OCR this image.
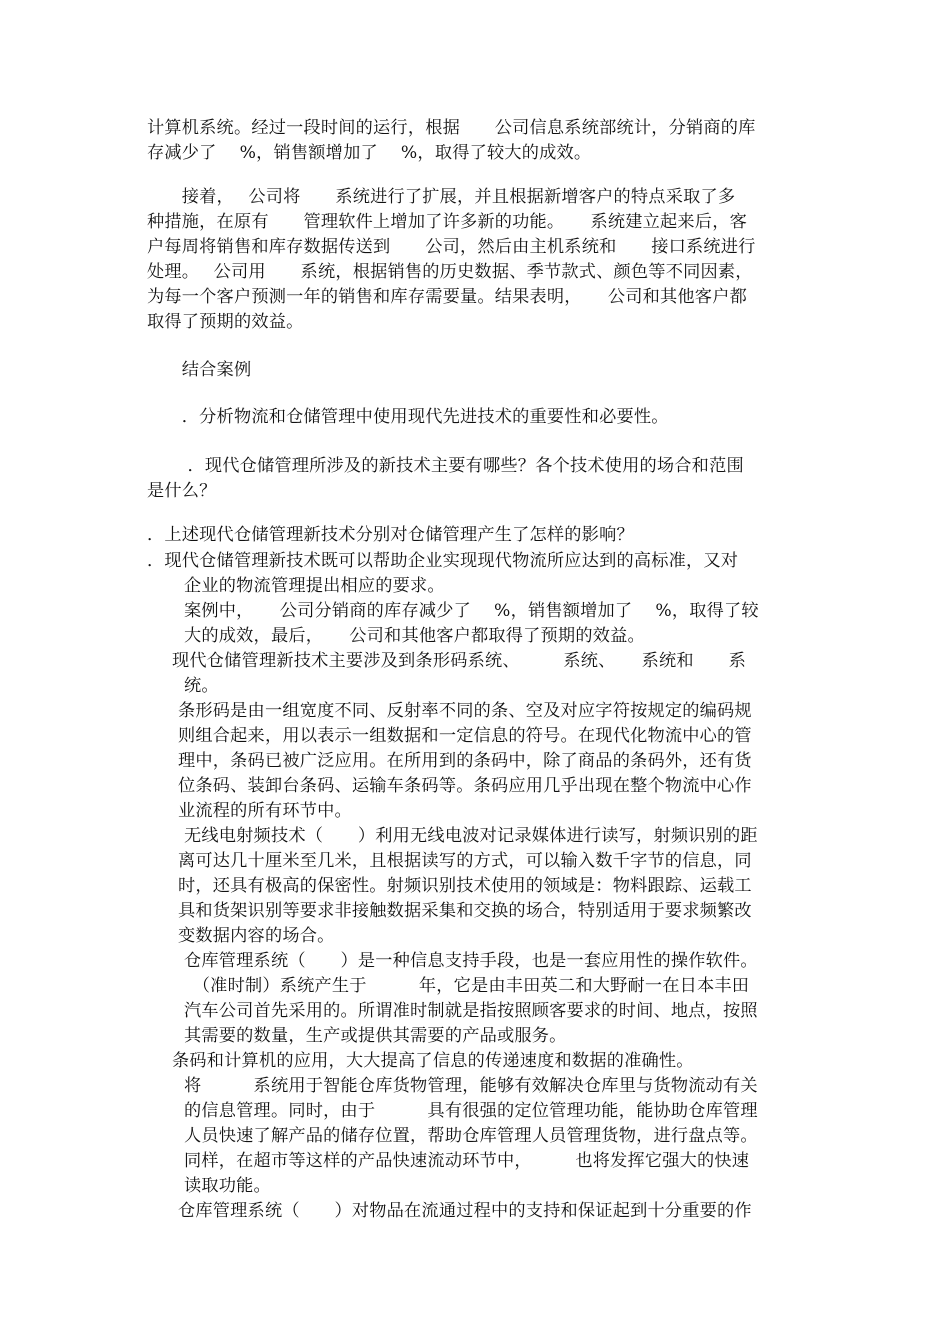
计算机系统。经过一段时间的运行，根据　　公司信息系统部统计，分销商的库
存减少了　 %，销售额增加了　 %，取得了较大的成效。
　　接着，　 公司将　　系统进行了扩展，并且根据新增客户的特点采取了多
种措施，在原有　　管理软件上增加了许多新的功能。　　系统建立起来后，客
户每周将销售和库存数据传送到　　公司，然后由主机系统和　　接口系统进行
处理。　 公司用　　系统，根据销售的历史数据、季节款式、颜色等不同因素，
为每一个客户预测一年的销售和库存需要量。结果表明，　　公司和其他客户都
取得了预期的效益。
　　结合案例
　　．分析物流和仓储管理中使用现代先进技术的重要性和必要性。
　　 ．现代仓储管理所涉及的新技术主要有哪些？各个技术使用的场合和范围
是什么？
．上述现代仓储管理新技术分别对仓储管理产生了怎样的影响？
．现代仓储管理新技术既可以帮助企业实现现代物流所应达到的高标准，又对
企业的物流管理提出相应的要求。
案例中，　　公司分销商的库存减少了　 %，销售额增加了　 %，取得了较
大的成效，最后，　　公司和其他客户都取得了预期的效益。
现代仓储管理新技术主要涉及到条形码系统、　　　系统、　　系统和　　系
统。
条形码是由一组宽度不同、反射率不同的条、空及对应字符按规定的编码规
则组合起来，用以表示一组数据和一定信息的符号。在现代化物流中心的管
理中，条码已被广泛应用。在所用到的条码中，除了商品的条码外，还有货
位条码、装卸台条码、运输车条码等。条码应用几乎出现在整个物流中心作
业流程的所有环节中。
无线电射频技术（　　）利用无线电波对记录媒体进行读写，射频识别的距
离可达几十厘米至几米，且根据读写的方式，可以输入数千字节的信息，同
时，还具有极高的保密性。射频识别技术使用的领域是：物料跟踪、运载工
具和货架识别等要求非接触数据采集和交换的场合，特别适用于要求频繁改
变数据内容的场合。
仓库管理系统（　　）是一种信息支持手段，也是一套应用性的操作软件。
　（准时制）系统产生于　　　年，它是由丰田英二和大野耐一在日本丰田
汽车公司首先采用的。所谓准时制就是指按照顾客要求的时间、地点，按照
其需要的数量，生产或提供其需要的产品或服务。
条码和计算机的应用，大大提高了信息的传递速度和数据的准确性。
将　　　系统用于智能仓库货物管理，能够有效解决仓库里与货物流动有关
的信息管理。同时，由于　　　具有很强的定位管理功能，能协助仓库管理
人员快速了解产品的储存位置，帮助仓库管理人员管理货物，进行盘点等。
同样，在超市等这样的产品快速流动环节中，　　　也将发挥它强大的快速
读取功能。
仓库管理系统（　　）对物品在流通过程中的支持和保证起到十分重要的作
